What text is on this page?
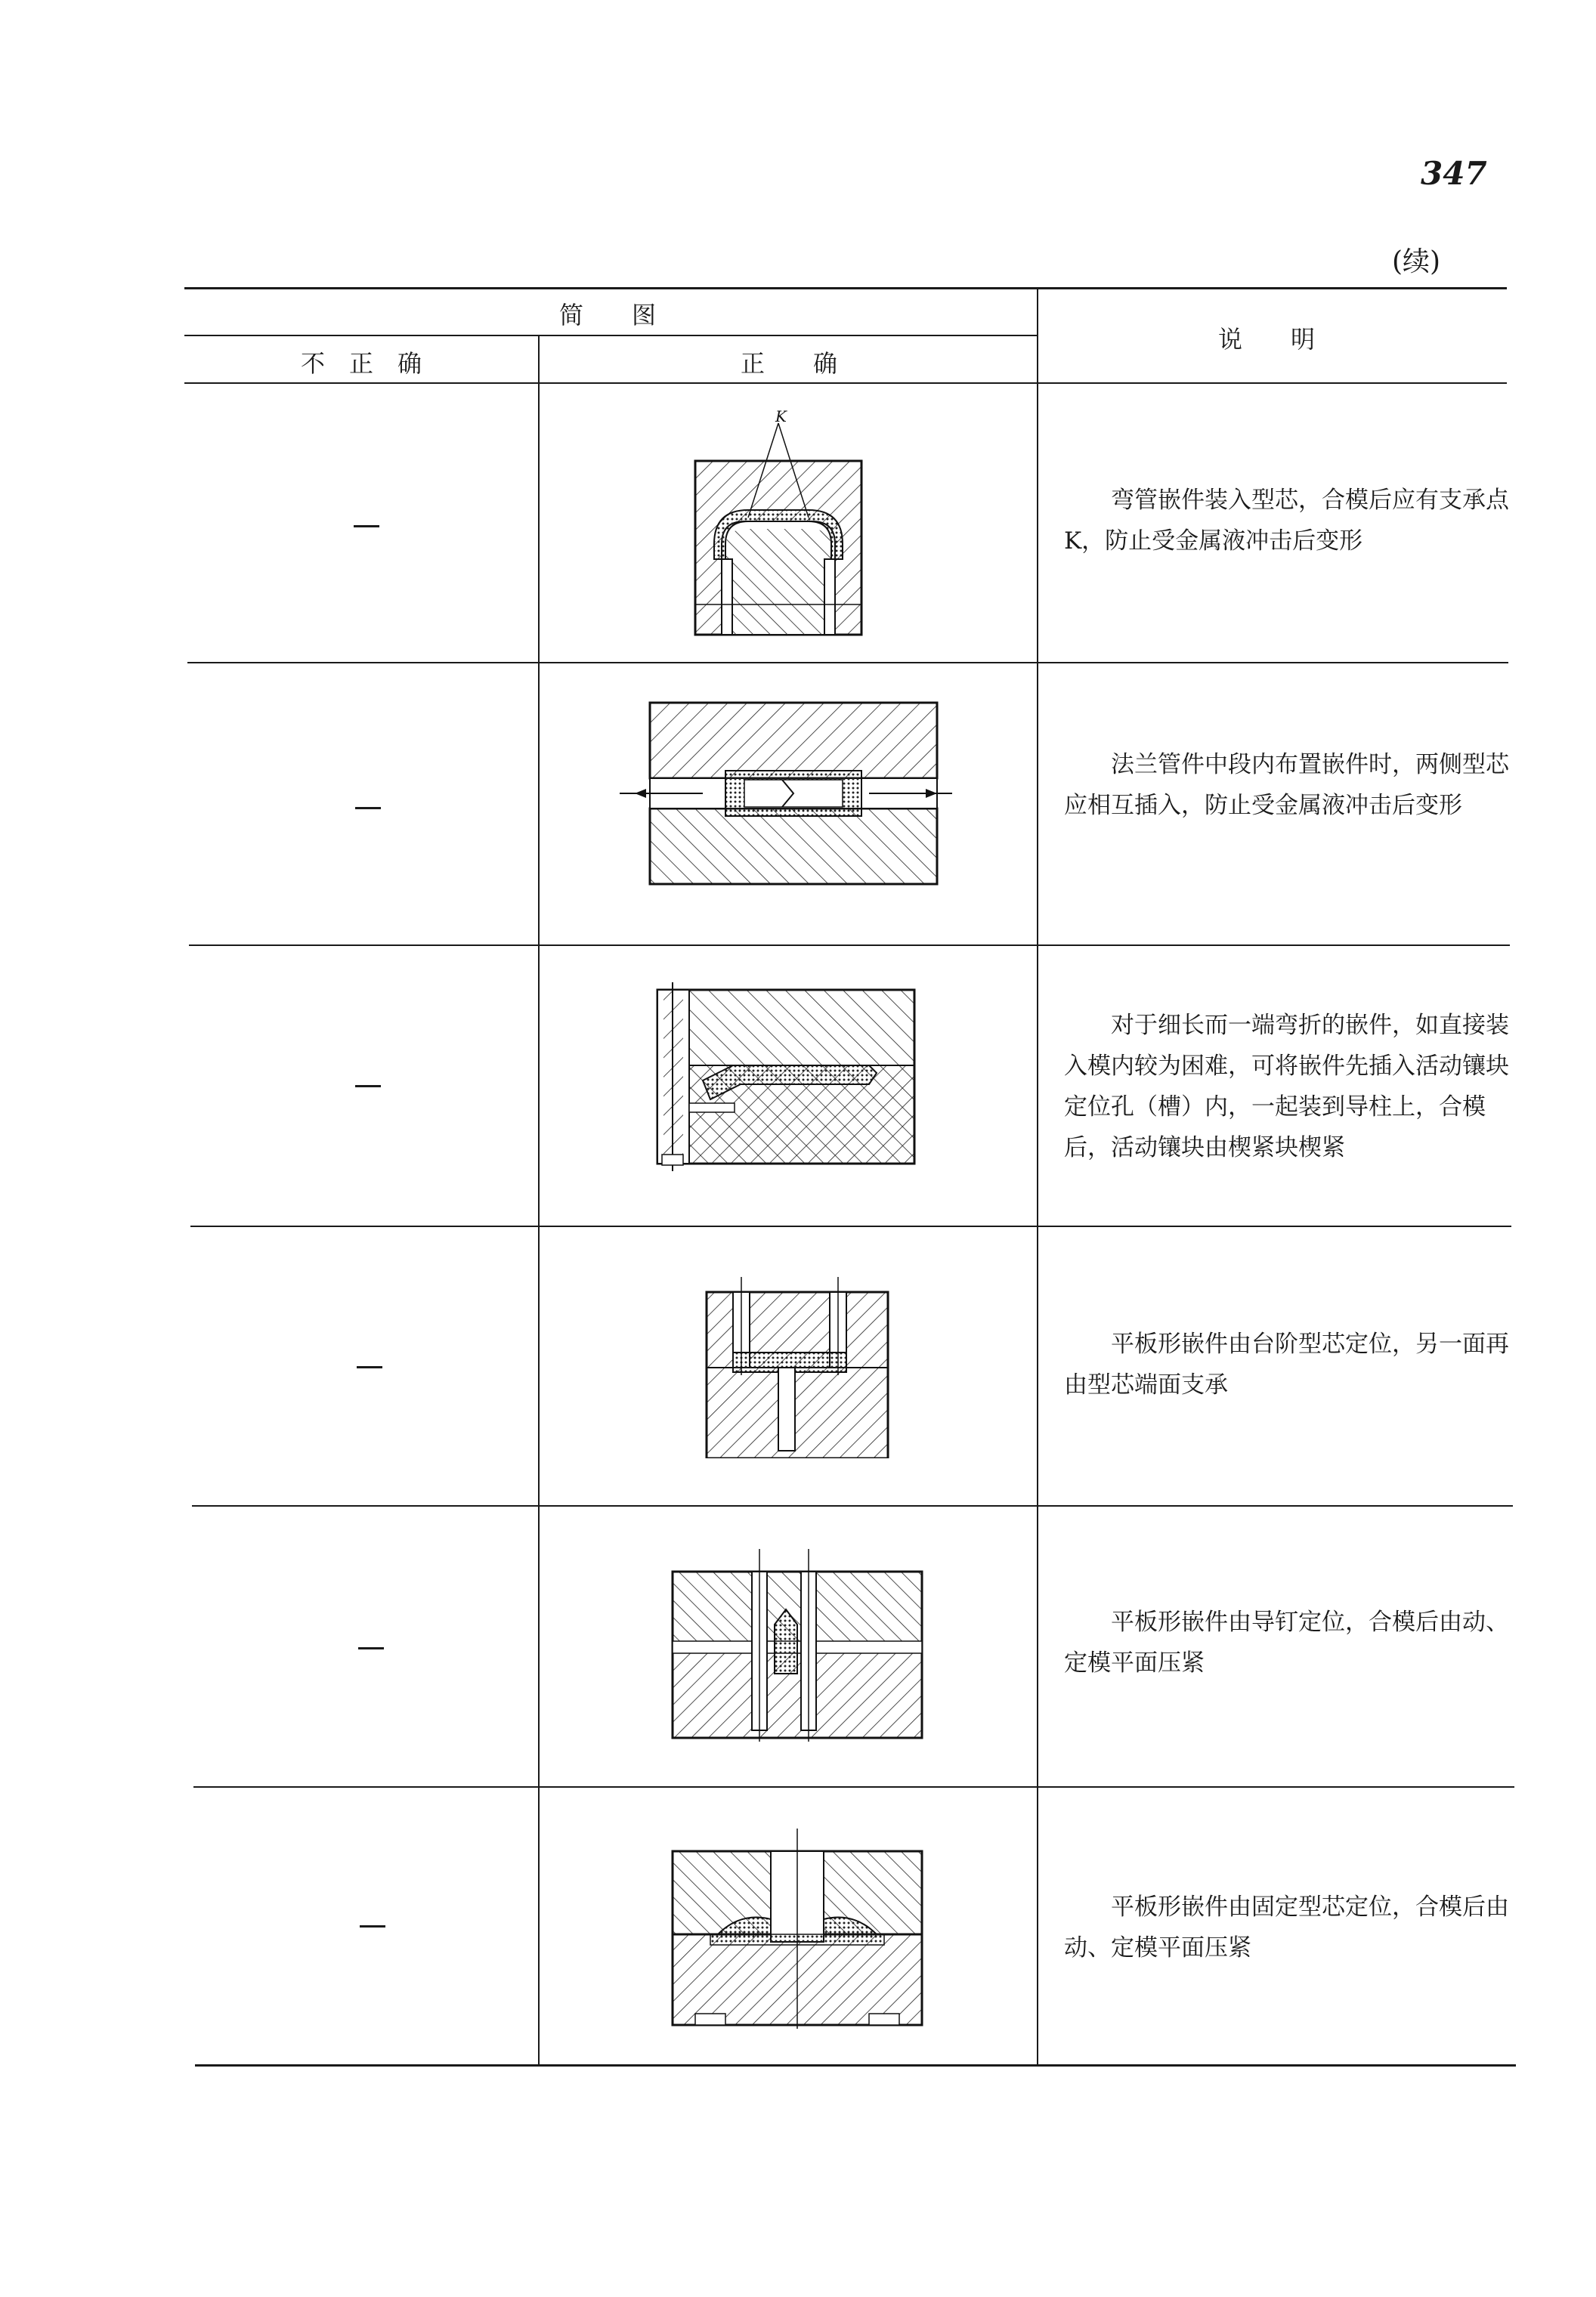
347
(续)
简　　图
不　正　确	正　　确
说　　明
K
弯管嵌件装入型芯，合模后应有支承点 K，防止受金属液冲击后变形
法兰管件中段内布置嵌件时，两侧型芯应相互插入，防止受金属液冲击后变形
对于细长而一端弯折的嵌件，如直接装入模内较为困难，可将嵌件先插入活动镶块定位孔（槽）内，一起装到导柱上，合模后，活动镶块由楔紧块楔紧
平板形嵌件由台阶型芯定位，另一面再由型芯端面支承
平板形嵌件由导钉定位，合模后由动、定模平面压紧
平板形嵌件由固定型芯定位，合模后由动、定模平面压紧
